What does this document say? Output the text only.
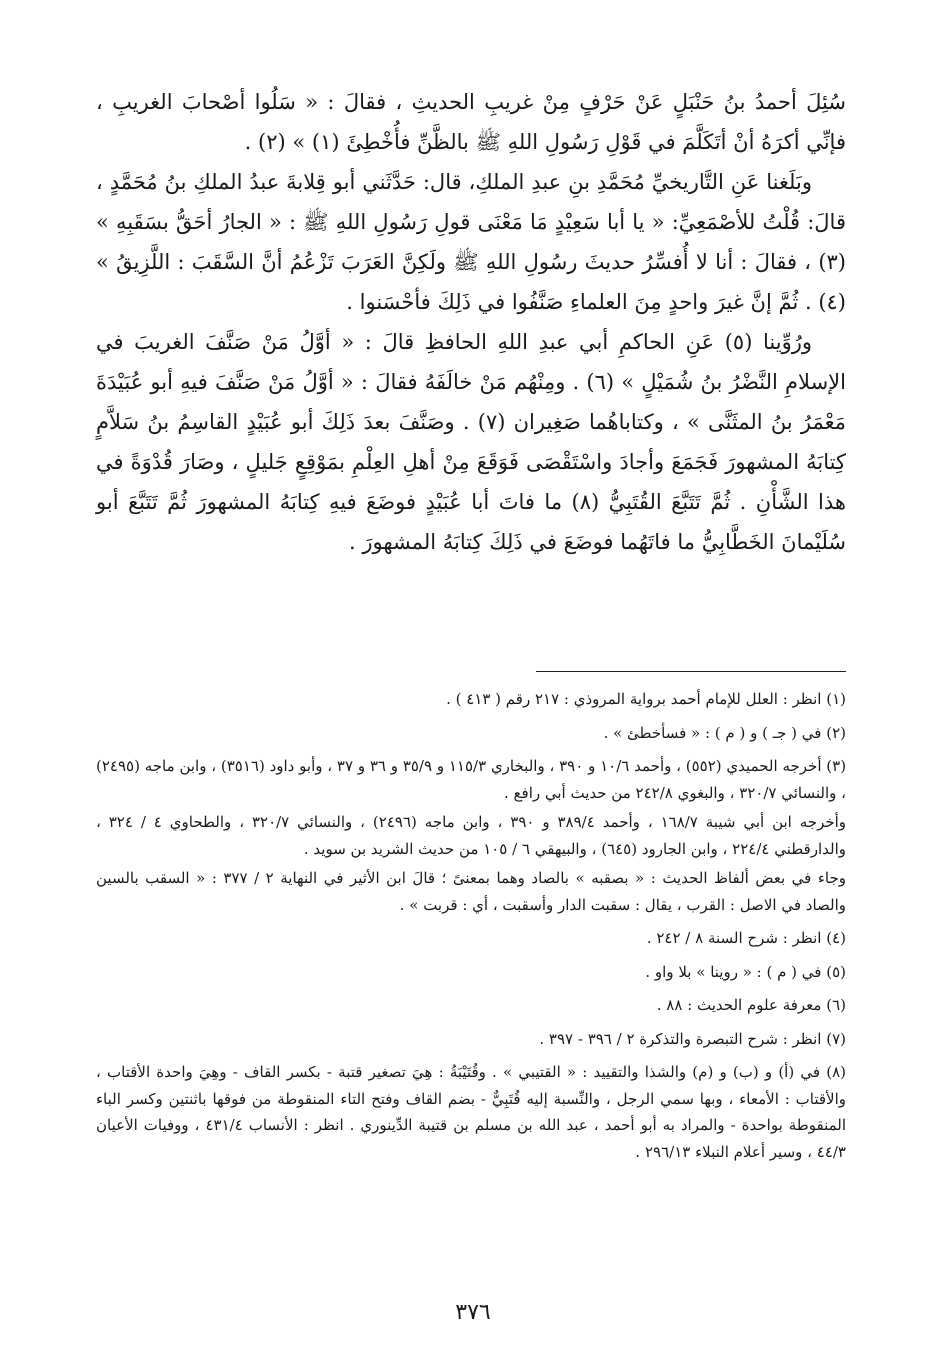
سُئِلَ أحمدُ بنُ حَنْبَلٍ عَنْ حَرْفٍ مِنْ غريبِ الحديثِ ، فقالَ : « سَلُوا أصْحابَ الغريبِ ، فإنِّي أكرَهُ أنْ أتَكَلَّمَ في قَوْلِ رَسُولِ اللهِ ﷺ بالظَّنِّ فأُخْطِئَ (١) » (٢) .

وبَلَغنا عَنِ التَّاريخيِّ مُحَمَّدِ بنِ عبدِ الملكِ، قال: حَدَّثَني أبو قِلابةَ عبدُ الملكِ بنُ مُحَمَّدٍ ، قالَ: قُلْتُ للأصْمَعِيِّ: « يا أبا سَعِيْدٍ مَا مَعْنَى قولِ رَسُولِ اللهِ ﷺ : « الجارُ أحَقُّ بسَقَبِهِ » (٣) ، فقالَ : أنا لا أُفسِّرُ حديثَ رسُولِ اللهِ ﷺ ولَكِنَّ العَرَبَ تَزْعُمُ أنَّ السَّقَبَ : اللَّزِيقُ » (٤) . ثُمَّ إنَّ غيرَ واحدٍ مِنَ العلماءِ صَنَّفُوا في ذَلِكَ فأحْسَنوا .

ورُوِّينا (٥) عَنِ الحاكمِ أبي عبدِ اللهِ الحافظِ قالَ : « أوَّلُ مَنْ صَنَّفَ الغريبَ في الإسلامِ النَّضْرُ بنُ شُمَيْلٍ » (٦) . ومِنْهُم مَنْ خالَفَهُ فقالَ : « أوَّلُ مَنْ صَنَّفَ فيهِ أبو عُبَيْدَةَ مَعْمَرُ بنُ المثَنَّى » ، وكتاباهُما صَغِيران (٧) . وصَنَّفَ بعدَ ذَلِكَ أبو عُبَيْدٍ القاسِمُ بنُ سَلاَّمٍ كِتابَهُ المشهورَ فَجَمَعَ وأجادَ واسْتَقْصَى فَوَقَعَ مِنْ أهلِ العِلْمِ بمَوْقِعٍ جَليلٍ ، وصَارَ قُدْوَةً في هذا الشَّأْنِ . ثُمَّ تَتَبَّعَ القُتَبِيُّ (٨) ما فاتَ أبا عُبَيْدٍ فوضَعَ فيهِ كِتابَهُ المشهورَ ثُمَّ تَتَبَّعَ أبو سُلَيْمانَ الخَطَّابِيُّ ما فاتَهُما فوضَعَ في ذَلِكَ كِتابَهُ المشهورَ .

(١) انظر : العلل للإمام أحمد برواية المروذي : ٢١٧ رقم ( ٤١٣ ) .

(٢) في ( جـ ) و ( م ) : « فسأخطئ » .

(٣) أخرجه الحميدي (٥٥٢) ، وأحمد ١٠/٦ و ٣٩٠ ، والبخاري ١١٥/٣ و ٣٥/٩ و ٣٦ و ٣٧ ، وأبو داود (٣٥١٦) ، وابن ماجه (٢٤٩٥) ، والنسائي ٣٢٠/٧ ، والبغوي ٢٤٢/٨ من حديث أبي رافع .

وأخرجه ابن أبي شيبة ١٦٨/٧ ، وأحمد ٣٨٩/٤ و ٣٩٠ ، وابن ماجه (٢٤٩٦) ، والنسائي ٣٢٠/٧ ، والطحاوي ٤ / ٣٢٤ ، والدارقطني ٢٢٤/٤ ، وابن الجارود (٦٤٥) ، والبيهقي ٦ / ١٠٥ من حديث الشريد بن سويد .

وجاء في بعض ألفاظ الحديث : « بصقبه » بالصاد وهما بمعنىً ؛ قالَ ابن الأثير في النهاية ٢ / ٣٧٧ : « السقب بالسين والصاد في الاصل : القرب ، يقال : سقبت الدار وأسقبت ، أي : قربت » .

(٤) انظر : شرح السنة ٨ / ٢٤٢ .

(٥) في ( م ) : « روينا » بلا واو .

(٦) معرفة علوم الحديث : ٨٨ .

(٧) انظر : شرح التبصرة والتذكرة ٢ / ٣٩٦ - ٣٩٧ .

(٨) في (أ) و (ب) و (م) والشذا والتقييد : « القتيبي » . وقُتَيْبَةُ : هِيَ تصغير قتبة - بكسر القاف - وهِيَ واحدة الأقتاب ، والأقتاب : الأمعاء ، وبها سمي الرجل ، والنِّسبة إليه قُتَبِيٌّ - بضم القاف وفتح التاء المنقوطة من فوقها باثنتين وكسر الباء المنقوطة بواحدة - والمراد به أبو أحمد ، عبد الله بن مسلم بن قتيبة الدِّينوري . انظر : الأنساب ٤٣١/٤ ، ووفيات الأعيان ٤٤/٣ ، وسير أعلام النبلاء ٢٩٦/١٣ .

٣٧٦
